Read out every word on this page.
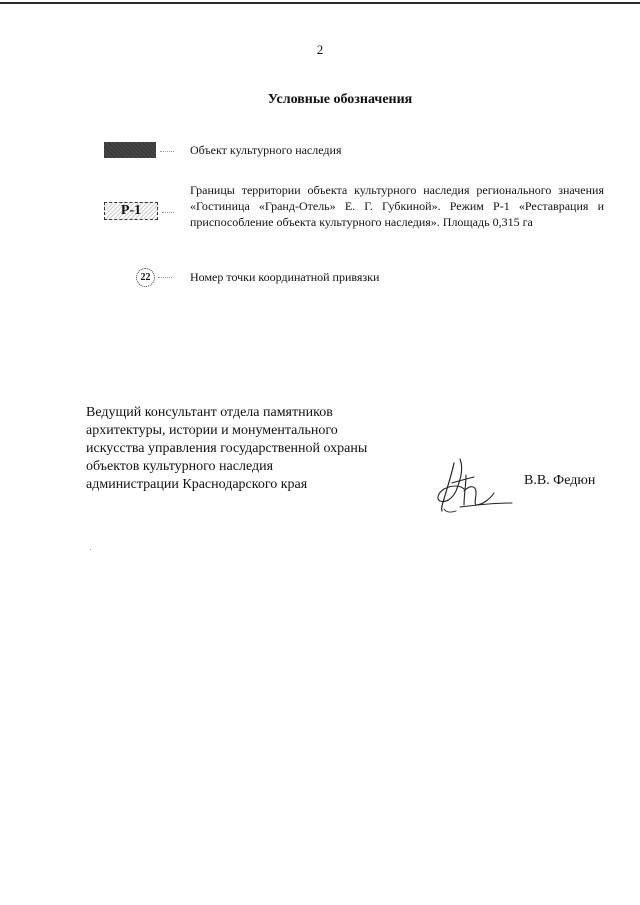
2
Условные обозначения
Объект культурного наследия
Р-1
Границы территории объекта культурного наследия регионального значения «Гостиница «Гранд-Отель» Е. Г. Губкиной». Режим Р-1 «Реставрация и приспособление объекта культурного наследия». Площадь 0,315 га
22	Номер точки координатной привязки
Ведущий консультант отдела памятников
архитектуры, истории и монументального
искусства управления государственной охраны
объектов культурного наследия
администрации Краснодарского края	В.В. Федюн
